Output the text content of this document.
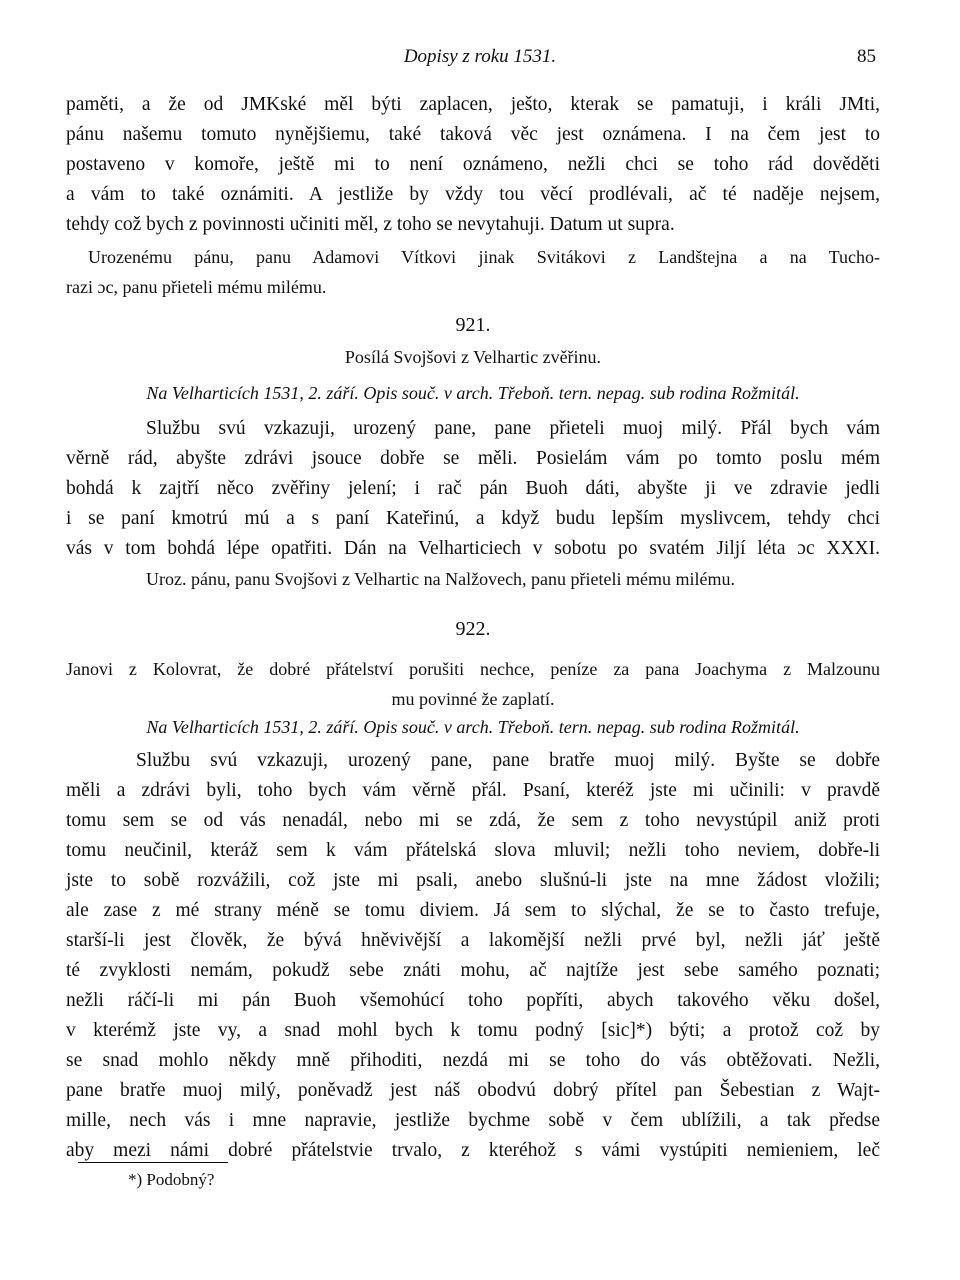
Dopisy z roku 1531.	85
paměti, a že od JMKské měl býti zaplacen, ješto, kterak se pamatuji, i králi JMti,
pánu našemu tomuto nynějšiemu, také taková věc jest oznámena. I na čem jest to
postaveno v komoře, ještě mi to není oznámeno, nežli chci se toho rád dověděti
a vám to také oznámiti. A jestliže by vždy tou věcí prodlévali, ač té naděje nejsem,
tehdy což bych z povinnosti učiniti měl, z toho se nevytahuji. Datum ut supra.
Urozenému pánu, panu Adamovi Vítkovi jinak Svitákovi z Landštejna a na Tucho-
razi ɔc, panu přieteli mému milému.
921.
Posílá Svojšovi z Velhartic zvěřinu.
Na Velharticích 1531, 2. září. Opis souč. v arch. Třeboň. tern. nepag. sub rodina Rožmitál.
Službu svú vzkazuji, urozený pane, pane přieteli muoj milý. Přál bych vám
věrně rád, abyšte zdrávi jsouce dobře se měli. Posielám vám po tomto poslu mém
bohdá k zajtří něco zvěřiny jelení; i rač pán Buoh dáti, abyšte ji ve zdravie jedli
i se paní kmotrú mú a s paní Kateřinú, a když budu lepším myslivcem, tehdy chci
vás v tom bohdá lépe opatřiti. Dán na Velharticiech v sobotu po svatém Jiljí léta ɔc XXXI.
Uroz. pánu, panu Svojšovi z Velhartic na Nalžovech, panu přieteli mému milému.
922.
Janovi z Kolovrat, že dobré přátelství porušiti nechce, peníze za pana Joachyma z Malzounu
mu povinné že zaplatí.
Na Velharticích 1531, 2. září. Opis souč. v arch. Třeboň. tern. nepag. sub rodina Rožmitál.
Službu svú vzkazuji, urozený pane, pane bratře muoj milý. Byšte se dobře
měli a zdrávi byli, toho bych vám věrně přál. Psaní, kteréž jste mi učinili: v pravdě
tomu sem se od vás nenadál, nebo mi se zdá, že sem z toho nevystúpil aniž proti
tomu neučinil, kteráž sem k vám přátelská slova mluvil; nežli toho neviem, dobře-li
jste to sobě rozvážili, což jste mi psali, anebo slušnú-li jste na mne žádost vložili;
ale zase z mé strany méně se tomu diviem. Já sem to slýchal, že se to často trefuje,
starší-li jest člověk, že bývá hněvivější a lakomější nežli prvé byl, nežli jáť ještě
té zvyklosti nemám, pokudž sebe znáti mohu, ač najtíže jest sebe samého poznati;
nežli ráčí-li mi pán Buoh všemohúcí toho popříti, abych takového věku došel,
v kterémž jste vy, a snad mohl bych k tomu podný [sic]*) býti; a protož což by
se snad mohlo někdy mně přihoditi, nezdá mi se toho do vás obtěžovati. Nežli,
pane bratře muoj milý, poněvadž jest náš obodvú dobrý přítel pan Šebestian z Wajt-
mille, nech vás i mne napravie, jestliže bychme sobě v čem ublížili, a tak předse
aby mezi námi dobré přátelstvie trvalo, z kteréhož s vámi vystúpiti nemieniem, leč
*) Podobný?
